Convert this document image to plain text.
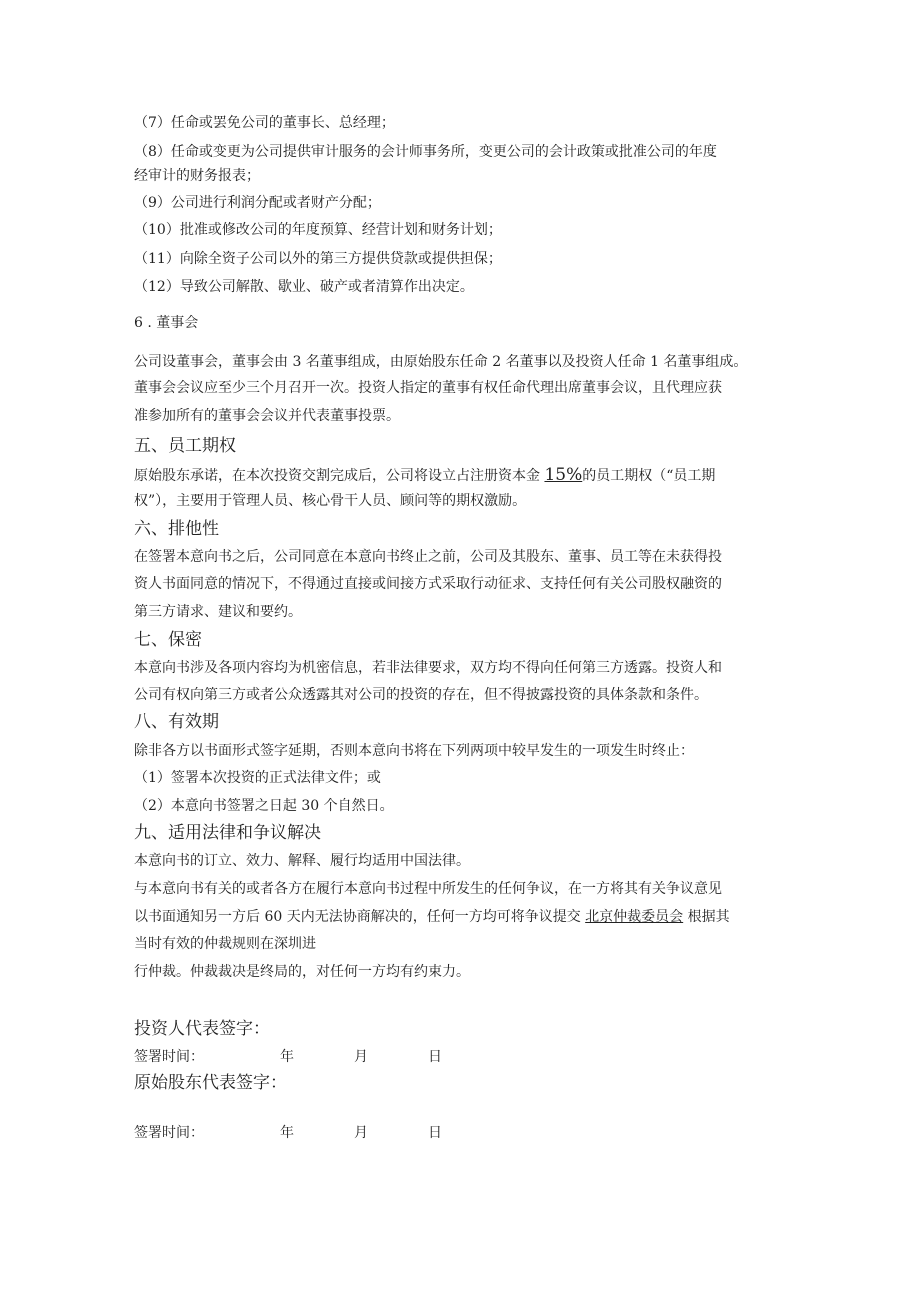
（7）任命或罢免公司的董事长、总经理；
（8）任命或变更为公司提供审计服务的会计师事务所，变更公司的会计政策或批准公司的年度
经审计的财务报表；
（9）公司进行利润分配或者财产分配；
（10）批准或修改公司的年度预算、经营计划和财务计划；
（11）向除全资子公司以外的第三方提供贷款或提供担保；
（12）导致公司解散、歇业、破产或者清算作出决定。
6 . 董事会
公司设董事会，董事会由 3 名董事组成，由原始股东任命 2 名董事以及投资人任命 1 名董事组成。
董事会会议应至少三个月召开一次。投资人指定的董事有权任命代理出席董事会议，且代理应获
准参加所有的董事会会议并代表董事投票。
五、员工期权
原始股东承诺，在本次投资交割完成后，公司将设立占注册资本金 15%的员工期权（“员工期
权”），主要用于管理人员、核心骨干人员、顾问等的期权激励。
六、排他性
在签署本意向书之后，公司同意在本意向书终止之前，公司及其股东、董事、员工等在未获得投
资人书面同意的情况下，不得通过直接或间接方式采取行动征求、支持任何有关公司股权融资的
第三方请求、建议和要约。
七、保密
本意向书涉及各项内容均为机密信息，若非法律要求，双方均不得向任何第三方透露。投资人和
公司有权向第三方或者公众透露其对公司的投资的存在，但不得披露投资的具体条款和条件。
八、有效期
除非各方以书面形式签字延期，否则本意向书将在下列两项中较早发生的一项发生时终止：
（1）签署本次投资的正式法律文件；或
（2）本意向书签署之日起 30 个自然日。
九、适用法律和争议解决
本意向书的订立、效力、解释、履行均适用中国法律。
与本意向书有关的或者各方在履行本意向书过程中所发生的任何争议，在一方将其有关争议意见
以书面通知另一方后 60 天内无法协商解决的，任何一方均可将争议提交 北京仲裁委员会 根据其
当时有效的仲裁规则在深圳进
行仲裁。仲裁裁决是终局的，对任何一方均有约束力。
投资人代表签字：
签署时间：	年	月	日
原始股东代表签字：
签署时间：	年	月	日
